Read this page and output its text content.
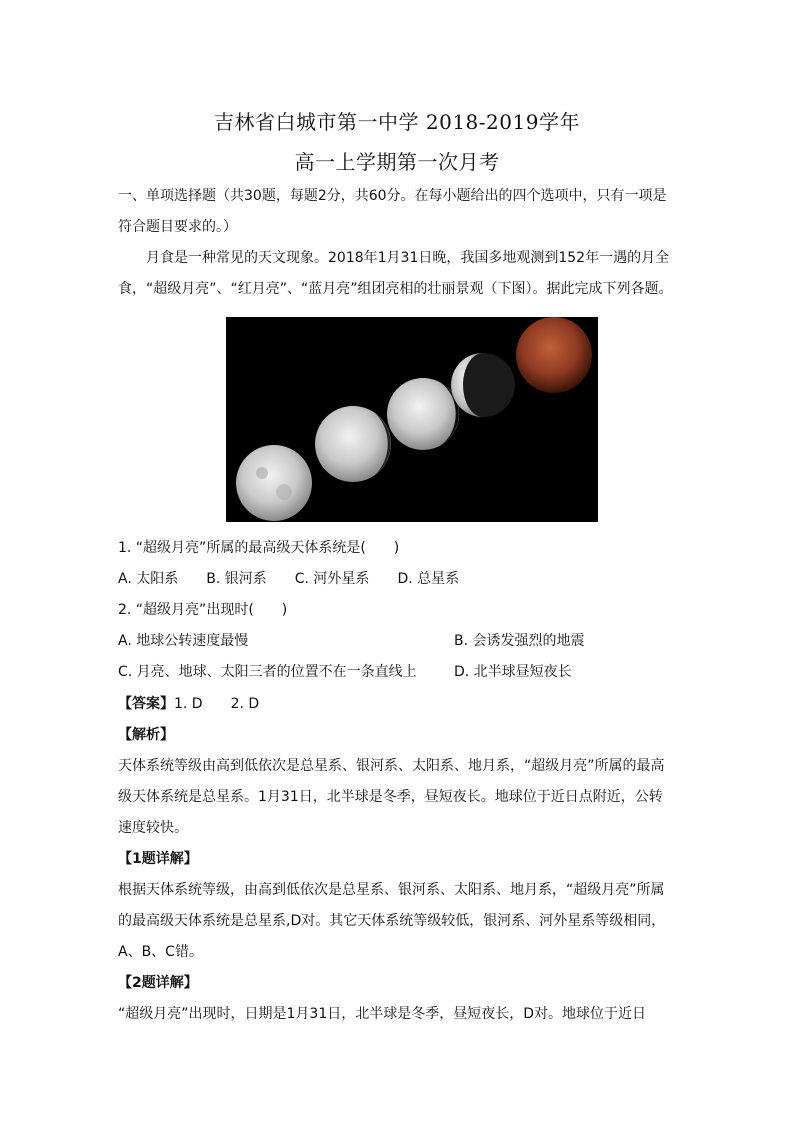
吉林省白城市第一中学 2018-2019学年
高一上学期第一次月考
一、单项选择题（共30题，每题2分，共60分。在每小题给出的四个选项中，只有一项是
符合题目要求的。）
月食是一种常见的天文现象。2018年1月31日晚，我国多地观测到152年一遇的月全
食，“超级月亮”、“红月亮”、“蓝月亮”组团亮相的壮丽景观（下图）。据此完成下列各题。
1. “超级月亮”所属的最高级天体系统是(　　)
A. 太阳系 B. 银河系 C. 河外星系 D. 总星系
2. “超级月亮”出现时(　　)
A. 地球公转速度最慢	B. 会诱发强烈的地震
C. 月亮、地球、太阳三者的位置不在一条直线上	D. 北半球昼短夜长
【答案】1. D　　2. D
【解析】
天体系统等级由高到低依次是总星系、银河系、太阳系、地月系，“超级月亮”所属的最高
级天体系统是总星系。1月31日，北半球是冬季，昼短夜长。地球位于近日点附近，公转
速度较快。
【1题详解】
根据天体系统等级，由高到低依次是总星系、银河系、太阳系、地月系，“超级月亮”所属
的最高级天体系统是总星系,D对。其它天体系统等级较低，银河系、河外星系等级相同，
A、B、C错。
【2题详解】
“超级月亮”出现时，日期是1月31日，北半球是冬季，昼短夜长，D对。地球位于近日
